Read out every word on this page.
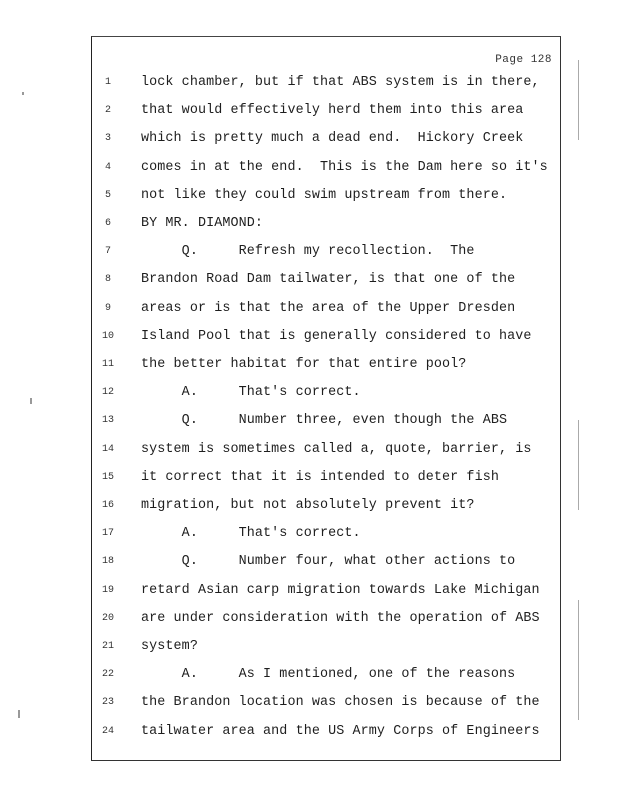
Page 128
1	lock chamber, but if that ABS system is in there,
2	that would effectively herd them into this area
3	which is pretty much a dead end.  Hickory Creek
4	comes in at the end.  This is the Dam here so it's
5	not like they could swim upstream from there.
6	BY MR. DIAMOND:
7	Q.     Refresh my recollection.  The
8	Brandon Road Dam tailwater, is that one of the
9	areas or is that the area of the Upper Dresden
10	Island Pool that is generally considered to have
11	the better habitat for that entire pool?
12	A.     That's correct.
13	Q.     Number three, even though the ABS
14	system is sometimes called a, quote, barrier, is
15	it correct that it is intended to deter fish
16	migration, but not absolutely prevent it?
17	A.     That's correct.
18	Q.     Number four, what other actions to
19	retard Asian carp migration towards Lake Michigan
20	are under consideration with the operation of ABS
21	system?
22	A.     As I mentioned, one of the reasons
23	the Brandon location was chosen is because of the
24	tailwater area and the US Army Corps of Engineers
